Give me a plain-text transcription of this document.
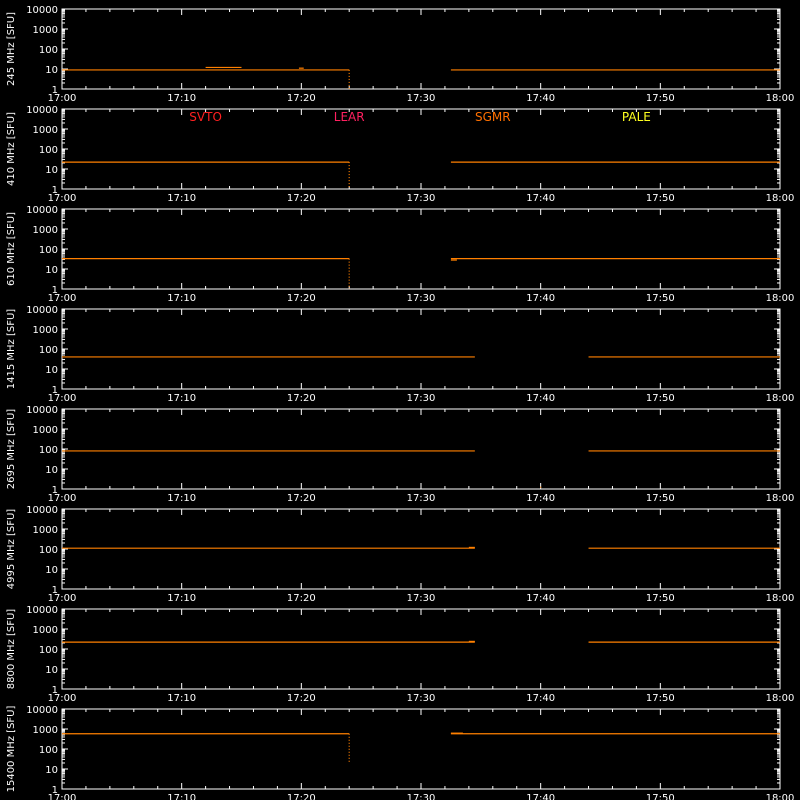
1
10
100
1000
10000
17:00	17:10	17:20	17:30	17:40	17:50	18:00
245 MHz [SFU]
1
10
100
1000
10000
17:00	17:10	17:20	17:30	17:40	17:50	18:00
410 MHz [SFU]	SVTO	LEAR	SGMR	PALE
1
10
100
1000
10000
17:00	17:10	17:20	17:30	17:40	17:50	18:00
610 MHz [SFU]
1
10
100
1000
10000
17:00	17:10	17:20	17:30	17:40	17:50	18:00
1415 MHz [SFU]
1
10
100
1000
10000
17:00	17:10	17:20	17:30	17:40	17:50	18:00
2695 MHz [SFU]
1
10
100
1000
10000
17:00	17:10	17:20	17:30	17:40	17:50	18:00
4995 MHz [SFU]
1
10
100
1000
10000
17:00	17:10	17:20	17:30	17:40	17:50	18:00
8800 MHz [SFU]
1
10
100
1000
10000
17:00	17:10	17:20	17:30	17:40	17:50	18:00
15400 MHz [SFU]
